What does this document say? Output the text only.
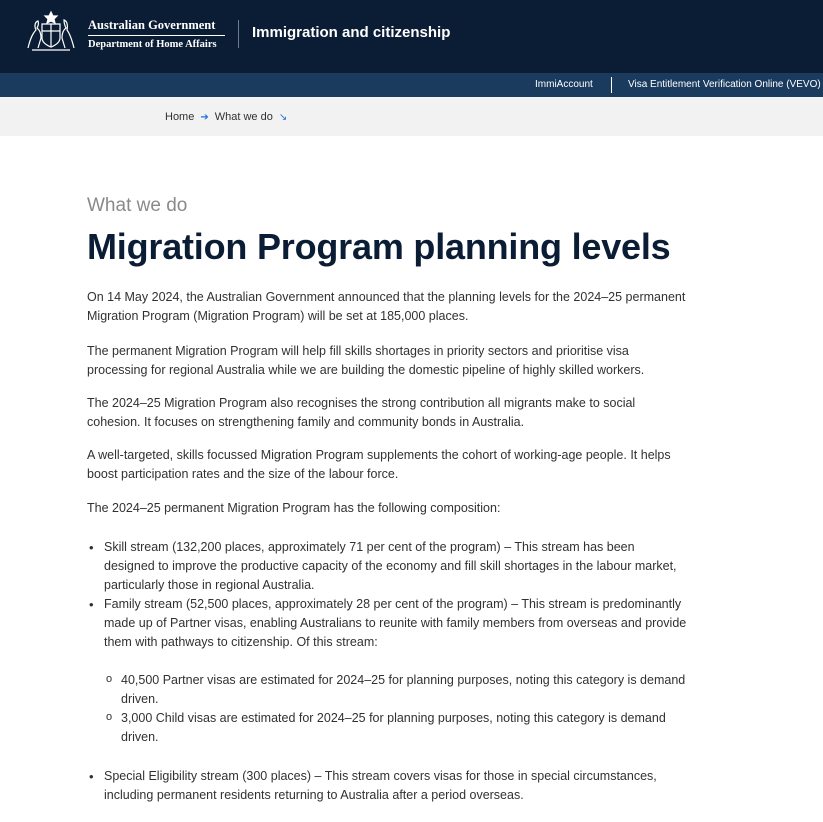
Australian Government
Department of Home Affairs
Immigration and citizenship
ImmiAccount	Visa Entitlement Verification Online (VEVO)
Home ➔ What we do ↘
What we do
Migration Program planning levels

On 14 May 2024, the Australian Government announced that the planning levels for the 2024–25 permanent Migration Program (Migration Program) will be set at 185,000 places.

The permanent Migration Program will help fill skills shortages in priority sectors and prioritise visa processing for regional Australia while we are building the domestic pipeline of highly skilled workers.

The 2024–25 Migration Program also recognises the strong contribution all migrants make to social cohesion. It focuses on strengthening family and community bonds in Australia.

A well-targeted, skills focussed Migration Program supplements the cohort of working-age people. It helps boost participation rates and the size of the labour force.

The 2024–25 permanent Migration Program has the following composition:

• Skill stream (132,200 places, approximately 71 per cent of the program) – This stream has been designed to improve the productive capacity of the economy and fill skill shortages in the labour market, particularly those in regional Australia.
• Family stream (52,500 places, approximately 28 per cent of the program) – This stream is predominantly made up of Partner visas, enabling Australians to reunite with family members from overseas and provide them with pathways to citizenship. Of this stream:
o 40,500 Partner visas are estimated for 2024–25 for planning purposes, noting this category is demand driven.
o 3,000 Child visas are estimated for 2024–25 for planning purposes, noting this category is demand driven.
• Special Eligibility stream (300 places) – This stream covers visas for those in special circumstances, including permanent residents returning to Australia after a period overseas.
